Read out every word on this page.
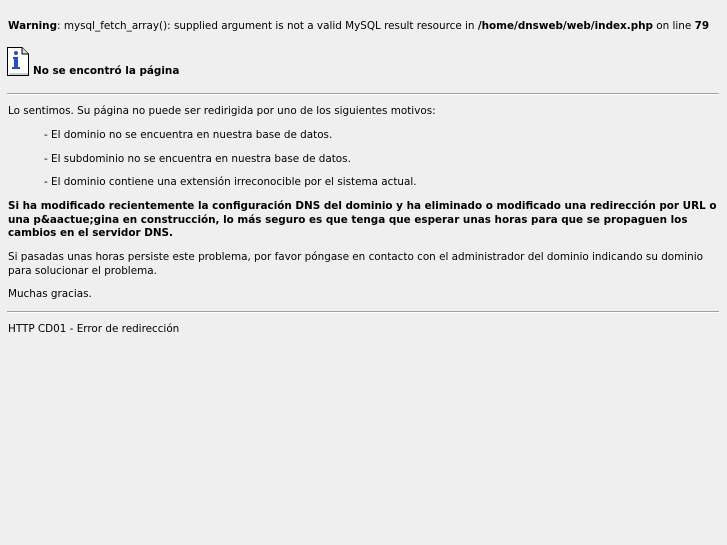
Warning: mysql_fetch_array(): supplied argument is not a valid MySQL result resource in /home/dnsweb/web/index.php on line 79
No se encontró la página

Lo sentimos. Su página no puede ser redirigida por uno de los siguientes motivos:

- El dominio no se encuentra en nuestra base de datos.

- El subdominio no se encuentra en nuestra base de datos.

- El dominio contiene una extensión irreconocible por el sistema actual.

Si ha modificado recientemente la configuración DNS del dominio y ha eliminado o modificado una redirección por URL o una p&aactue;gina en construcción, lo más seguro es que tenga que esperar unas horas para que se propaguen los cambios en el servidor DNS.

Si pasadas unas horas persiste este problema, por favor póngase en contacto con el administrador del dominio indicando su dominio para solucionar el problema.

Muchas gracias.

HTTP CD01 - Error de redirección
